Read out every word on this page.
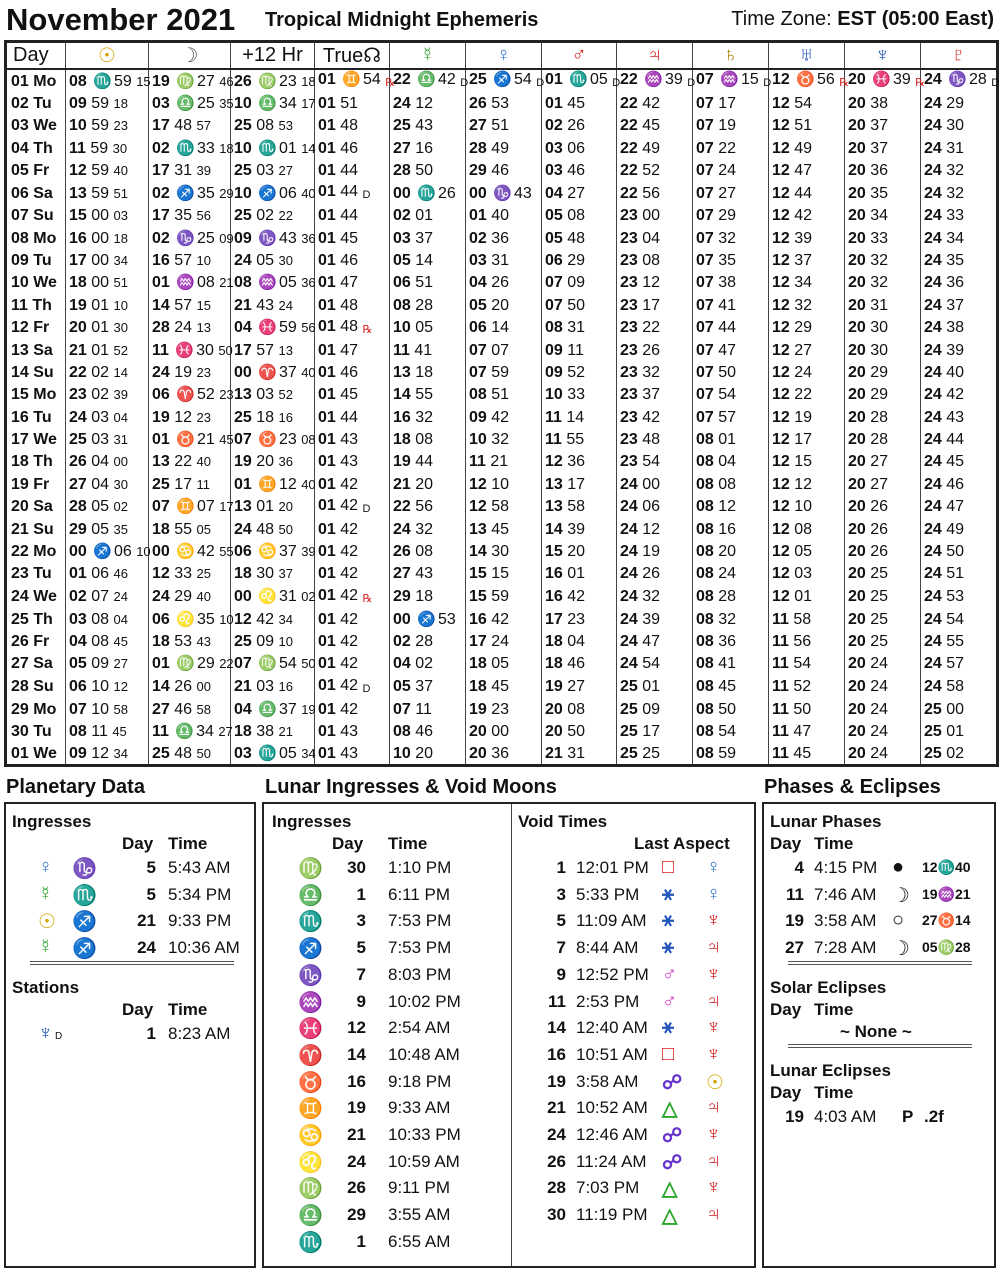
November 2021 Tropical Midnight Ephemeris	Time Zone: EST (05:00 East)
Day	☉	☽	+12 Hr	True☊	☿	♀	♂	♃	♄	♅	♆	♇
01 Mo	08 ♏ 59 15	19 ♍ 27 46	26 ♍ 23 18	01 ♊ 54 ℞	22 ♎ 42 D	25 ♐ 54 D	01 ♏ 05 D	22 ♒ 39 D	07 ♒ 15 D	12 ♉ 56 ℞	20 ♓ 39 ℞	24 ♑ 28 D
02 Tu	09 59 18	03 ♎ 25 35	10 ♎ 34 17	01 51	24 12	26 53	01 45	22 42	07 17	12 54	20 38	24 29
03 We	10 59 23	17 48 57	25 08 53	01 48	25 43	27 51	02 26	22 45	07 19	12 51	20 37	24 30
04 Th	11 59 30	02 ♏ 33 18	10 ♏ 01 14	01 46	27 16	28 49	03 06	22 49	07 22	12 49	20 37	24 31
05 Fr	12 59 40	17 31 39	25 03 27	01 44	28 50	29 46	03 46	22 52	07 24	12 47	20 36	24 32
06 Sa	13 59 51	02 ♐ 35 29	10 ♐ 06 40	01 44 D	00 ♏ 26	00 ♑ 43	04 27	22 56	07 27	12 44	20 35	24 32
07 Su	15 00 03	17 35 56	25 02 22	01 44	02 01	01 40	05 08	23 00	07 29	12 42	20 34	24 33
08 Mo	16 00 18	02 ♑ 25 09	09 ♑ 43 36	01 45	03 37	02 36	05 48	23 04	07 32	12 39	20 33	24 34
09 Tu	17 00 34	16 57 10	24 05 30	01 46	05 14	03 31	06 29	23 08	07 35	12 37	20 32	24 35
10 We	18 00 51	01 ♒ 08 21	08 ♒ 05 36	01 47	06 51	04 26	07 09	23 12	07 38	12 34	20 32	24 36
11 Th	19 01 10	14 57 15	21 43 24	01 48	08 28	05 20	07 50	23 17	07 41	12 32	20 31	24 37
12 Fr	20 01 30	28 24 13	04 ♓ 59 56	01 48 ℞	10 05	06 14	08 31	23 22	07 44	12 29	20 30	24 38
13 Sa	21 01 52	11 ♓ 30 50	17 57 13	01 47	11 41	07 07	09 11	23 26	07 47	12 27	20 30	24 39
14 Su	22 02 14	24 19 23	00 ♈ 37 40	01 46	13 18	07 59	09 52	23 32	07 50	12 24	20 29	24 40
15 Mo	23 02 39	06 ♈ 52 23	13 03 52	01 45	14 55	08 51	10 33	23 37	07 54	12 22	20 29	24 42
16 Tu	24 03 04	19 12 23	25 18 16	01 44	16 32	09 42	11 14	23 42	07 57	12 19	20 28	24 43
17 We	25 03 31	01 ♉ 21 45	07 ♉ 23 08	01 43	18 08	10 32	11 55	23 48	08 01	12 17	20 28	24 44
18 Th	26 04 00	13 22 40	19 20 36	01 43	19 44	11 21	12 36	23 54	08 04	12 15	20 27	24 45
19 Fr	27 04 30	25 17 11	01 ♊ 12 40	01 42	21 20	12 10	13 17	24 00	08 08	12 12	20 27	24 46
20 Sa	28 05 02	07 ♊ 07 17	13 01 20	01 42 D	22 56	12 58	13 58	24 06	08 12	12 10	20 26	24 47
21 Su	29 05 35	18 55 05	24 48 50	01 42	24 32	13 45	14 39	24 12	08 16	12 08	20 26	24 49
22 Mo	00 ♐ 06 10	00 ♋ 42 55	06 ♋ 37 39	01 42	26 08	14 30	15 20	24 19	08 20	12 05	20 26	24 50
23 Tu	01 06 46	12 33 25	18 30 37	01 42	27 43	15 15	16 01	24 26	08 24	12 03	20 25	24 51
24 We	02 07 24	24 29 40	00 ♌ 31 02	01 42 ℞	29 18	15 59	16 42	24 32	08 28	12 01	20 25	24 53
25 Th	03 08 04	06 ♌ 35 10	12 42 34	01 42	00 ♐ 53	16 42	17 23	24 39	08 32	11 58	20 25	24 54
26 Fr	04 08 45	18 53 43	25 09 10	01 42	02 28	17 24	18 04	24 47	08 36	11 56	20 25	24 55
27 Sa	05 09 27	01 ♍ 29 22	07 ♍ 54 50	01 42	04 02	18 05	18 46	24 54	08 41	11 54	20 24	24 57
28 Su	06 10 12	14 26 00	21 03 16	01 42 D	05 37	18 45	19 27	25 01	08 45	11 52	20 24	24 58
29 Mo	07 10 58	27 46 58	04 ♎ 37 19	01 42	07 11	19 23	20 08	25 09	08 50	11 50	20 24	25 00
30 Tu	08 11 45	11 ♎ 34 27	18 38 21	01 43	08 46	20 00	20 50	25 17	08 54	11 47	20 24	25 01
01 We	09 12 34	25 48 50	03 ♏ 05 34	01 43	10 20	20 36	21 31	25 25	08 59	11 45	20 24	25 02
Planetary Data
Ingresses
Day Time
♀ ♑	5 5:43 AM
☿ ♏	5 5:34 PM
☉ ♐	21 9:33 PM
☿ ♐	24 10:36 AM
Stations
Day Time
♆ D	1 8:23 AM
Lunar Ingresses & Void Moons
Ingresses
Day Time
♍	30 1:10 PM
♎	1 6:11 PM
♏	3 7:53 PM
♐	5 7:53 PM
♑	7 8:03 PM
♒	9 10:02 PM
♓	12 2:54 AM
♈	14 10:48 AM
♉	16 9:18 PM
♊	19 9:33 AM
♋	21 10:33 PM
♌	24 10:59 AM
♍	26 9:11 PM
♎	29 3:55 AM
♏	1 6:55 AM
Void Times
Last Aspect
1 12:01 PM □ ♀
3 5:33 PM ⚹ ♀
5 11:09 AM ⚹ ♆
7 8:44 AM ⚹ ♃
9 12:52 PM ♂ ♆
11 2:53 PM ♂ ♃
14 12:40 AM ⚹ ♆
16 10:51 AM □ ♆
19 3:58 AM ☍ ☉
21 10:52 AM △ ♃
24 12:46 AM ☍ ♆
26 11:24 AM ☍ ♃
28 7:03 PM △ ♆
30 11:19 PM △ ♃
Phases & Eclipses
Lunar Phases
Day Time
4 4:15 PM ● 12♏40
11 7:46 AM ☽ 19♒21
19 3:58 AM ○ 27♉14
27 7:28 AM ☽ 05♍28
Solar Eclipses
Day Time
~ None ~
Lunar Eclipses
Day Time
19 4:03 AM P .2f
